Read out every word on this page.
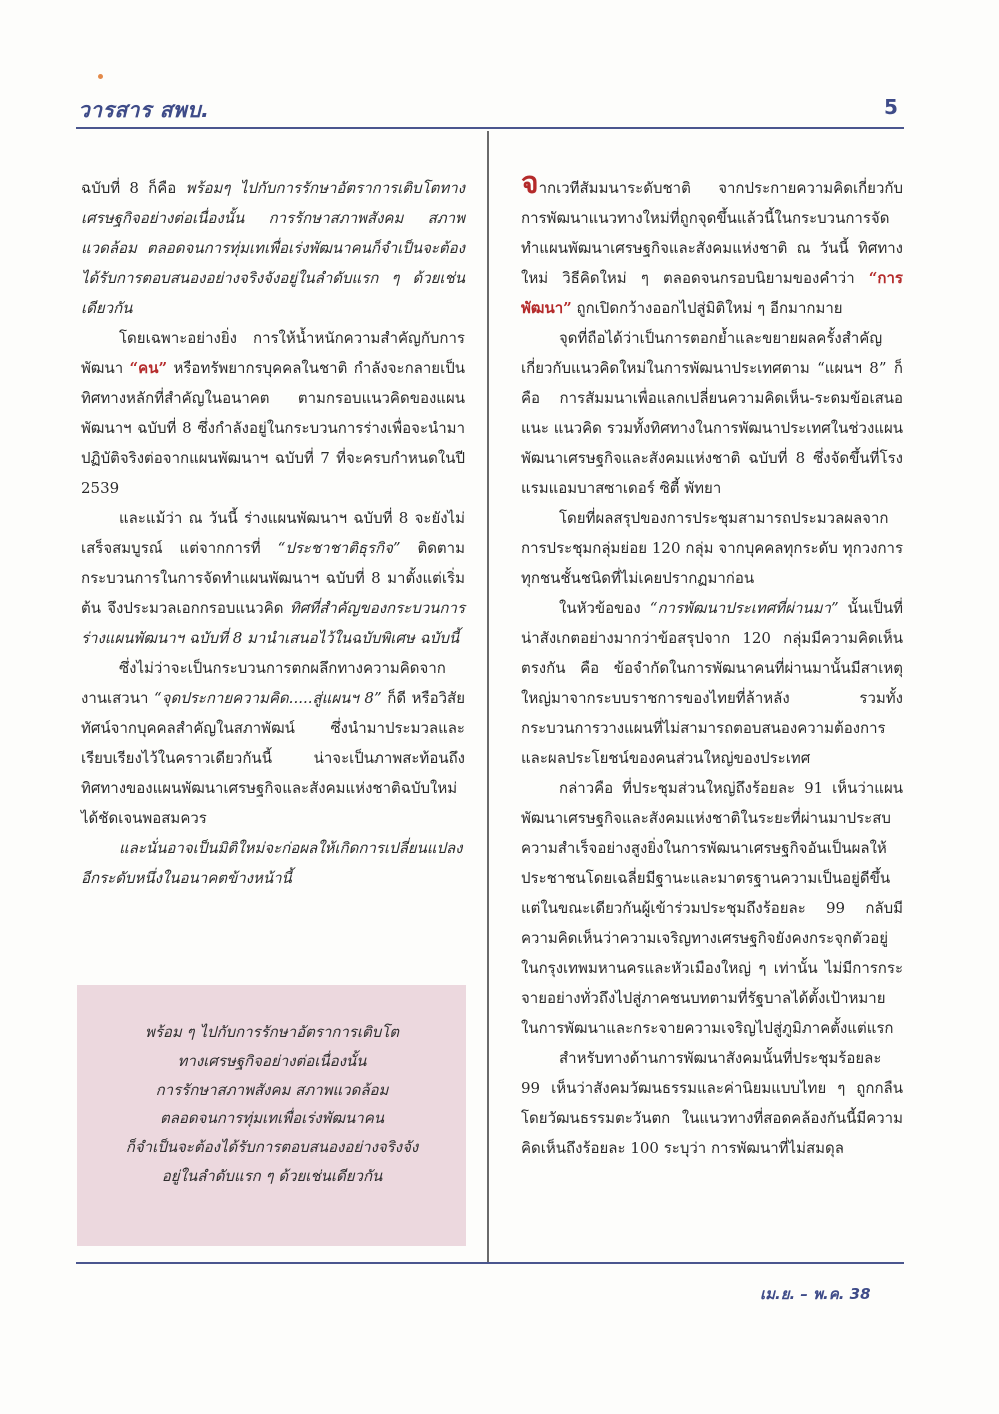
วารสาร สพบ.	5

ฉบับที่ 8 ก็คือ พร้อมๆ ไปกับการรักษาอัตราการเติบโตทางเศรษฐกิจอย่างต่อเนื่องนั้น การรักษาสภาพสังคม สภาพแวดล้อม ตลอดจนการทุ่มเทเพื่อเร่งพัฒนาคนก็จำเป็นจะต้องได้รับการตอบสนองอย่างจริงจังอยู่ในลำดับแรก ๆ ด้วยเช่นเดียวกัน

โดยเฉพาะอย่างยิ่ง การให้น้ำหนักความสำคัญกับการพัฒนา “คน” หรือทรัพยากรบุคคลในชาติ กำลังจะกลายเป็นทิศทางหลักที่สำคัญในอนาคต ตามกรอบแนวคิดของแผนพัฒนาฯ ฉบับที่ 8 ซึ่งกำลังอยู่ในกระบวนการร่างเพื่อจะนำมาปฏิบัติจริงต่อจากแผนพัฒนาฯ ฉบับที่ 7 ที่จะครบกำหนดในปี 2539

และแม้ว่า ณ วันนี้ ร่างแผนพัฒนาฯ ฉบับที่ 8 จะยังไม่เสร็จสมบูรณ์ แต่จากการที่ “ประชาชาติธุรกิจ” ติดตามกระบวนการในการจัดทำแผนพัฒนาฯ ฉบับที่ 8 มาตั้งแต่เริ่มต้น จึงประมวลเอกกรอบแนวคิด ทิศที่สำคัญของกระบวนการร่างแผนพัฒนาฯ ฉบับที่ 8 มานำเสนอไว้ในฉบับพิเศษ ฉบับนี้

ซึ่งไม่ว่าจะเป็นกระบวนการตกผลึกทางความคิดจากงานเสวนา “จุดประกายความคิด.....สู่แผนฯ 8” ก็ดี หรือวิสัยทัศน์จากบุคคลสำคัญในสภาพัฒน์ ซึ่งนำมาประมวลและเรียบเรียงไว้ในคราวเดียวกันนี้ น่าจะเป็นภาพสะท้อนถึงทิศทางของแผนพัฒนาเศรษฐกิจและสังคมแห่งชาติฉบับใหม่ได้ชัดเจนพอสมควร

และนั่นอาจเป็นมิติใหม่จะก่อผลให้เกิดการเปลี่ยนแปลงอีกระดับหนึ่งในอนาคตข้างหน้านี้

พร้อม ๆ ไปกับการรักษาอัตราการเติบโต
ทางเศรษฐกิจอย่างต่อเนื่องนั้น
การรักษาสภาพสังคม สภาพแวดล้อม
ตลอดจนการทุ่มเทเพื่อเร่งพัฒนาคน
ก็จำเป็นจะต้องได้รับการตอบสนองอย่างจริงจัง
อยู่ในลำดับแรก ๆ ด้วยเช่นเดียวกัน

จากเวทีสัมมนาระดับชาติ จากประกายความคิดเกี่ยวกับการพัฒนาแนวทางใหม่ที่ถูกจุดขึ้นแล้วนี้ในกระบวนการจัดทำแผนพัฒนาเศรษฐกิจและสังคมแห่งชาติ ณ วันนี้ ทิศทางใหม่ วิธีคิดใหม่ ๆ ตลอดจนกรอบนิยามของคำว่า “การพัฒนา” ถูกเปิดกว้างออกไปสู่มิติใหม่ ๆ อีกมากมาย

จุดที่ถือได้ว่าเป็นการตอกย้ำและขยายผลครั้งสำคัญเกี่ยวกับแนวคิดใหม่ในการพัฒนาประเทศตาม “แผนฯ 8” ก็คือ การสัมมนาเพื่อแลกเปลี่ยนความคิดเห็น-ระดมข้อเสนอแนะ แนวคิด รวมทั้งทิศทางในการพัฒนาประเทศในช่วงแผนพัฒนาเศรษฐกิจและสังคมแห่งชาติ ฉบับที่ 8 ซึ่งจัดขึ้นที่โรงแรมแอมบาสซาเดอร์ ซิตี้ พัทยา

โดยที่ผลสรุปของการประชุมสามารถประมวลผลจากการประชุมกลุ่มย่อย 120 กลุ่ม จากบุคคลทุกระดับ ทุกวงการ ทุกชนชั้นชนิดที่ไม่เคยปรากฏมาก่อน

ในหัวข้อของ “การพัฒนาประเทศที่ผ่านมา” นั้นเป็นที่น่าสังเกตอย่างมากว่าข้อสรุปจาก 120 กลุ่มมีความคิดเห็นตรงกัน คือ ข้อจำกัดในการพัฒนาคนที่ผ่านมานั้นมีสาเหตุใหญ่มาจากระบบราชการของไทยที่ล้าหลัง รวมทั้งกระบวนการวางแผนที่ไม่สามารถตอบสนองความต้องการและผลประโยชน์ของคนส่วนใหญ่ของประเทศ

กล่าวคือ ที่ประชุมส่วนใหญ่ถึงร้อยละ 91 เห็นว่าแผนพัฒนาเศรษฐกิจและสังคมแห่งชาติในระยะที่ผ่านมาประสบความสำเร็จอย่างสูงยิ่งในการพัฒนาเศรษฐกิจอันเป็นผลให้ประชาชนโดยเฉลี่ยมีฐานะและมาตรฐานความเป็นอยู่ดีขึ้น แต่ในขณะเดียวกันผู้เข้าร่วมประชุมถึงร้อยละ 99 กลับมีความคิดเห็นว่าความเจริญทางเศรษฐกิจยังคงกระจุกตัวอยู่ในกรุงเทพมหานครและหัวเมืองใหญ่ ๆ เท่านั้น ไม่มีการกระจายอย่างทั่วถึงไปสู่ภาคชนบทตามที่รัฐบาลได้ตั้งเป้าหมายในการพัฒนาและกระจายความเจริญไปสู่ภูมิภาคตั้งแต่แรก

สำหรับทางด้านการพัฒนาสังคมนั้นที่ประชุมร้อยละ 99 เห็นว่าสังคมวัฒนธรรมและค่านิยมแบบไทย ๆ ถูกกลืนโดยวัฒนธรรมตะวันตก ในแนวทางที่สอดคล้องกันนี้มีความคิดเห็นถึงร้อยละ 100 ระบุว่า การพัฒนาที่ไม่สมดุล

เม.ย. – พ.ค. 38
